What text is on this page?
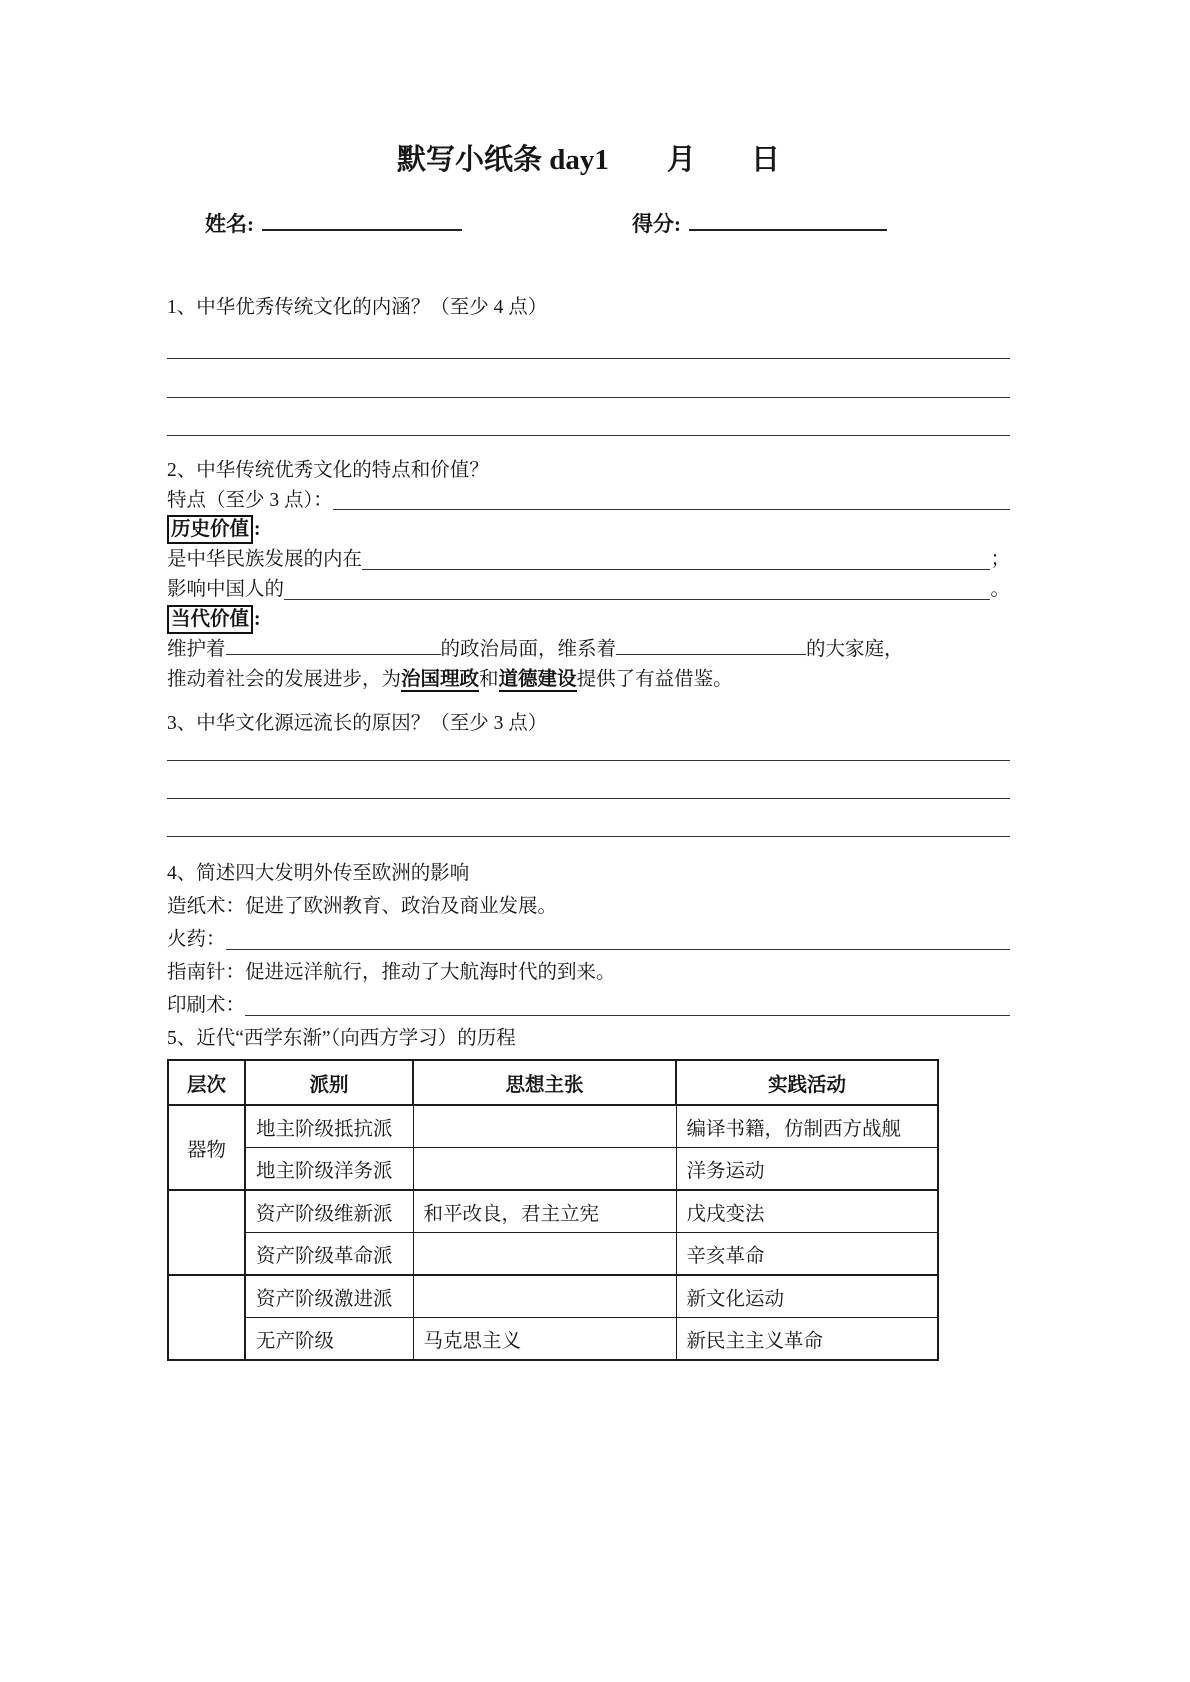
默写小纸条 day1 月 日
姓名:	得分:
1、中华优秀传统文化的内涵？（至少 4 点）
2、中华传统优秀文化的特点和价值？
特点（至少 3 点）：
历史价值 :
是中华民族发展的内在	；
影响中国人的	。
当代价值 :
维护着	的政治局面，维系着	的大家庭，
推动着社会的发展进步，为治国理政和道德建设提供了有益借鉴。
3、中华文化源远流长的原因？（至少 3 点）
4、简述四大发明外传至欧洲的影响
造纸术：促进了欧洲教育、政治及商业发展。
火药：
指南针：促进远洋航行，推动了大航海时代的到来。
印刷术：
5、近代“西学东渐”（向西方学习）的历程
层次	派别	思想主张	实践活动
器物	地主阶级抵抗派		编译书籍，仿制西方战舰
	地主阶级洋务派		洋务运动
	资产阶级维新派	和平改良，君主立宪	戊戌变法
	资产阶级革命派		辛亥革命
	资产阶级激进派		新文化运动
	无产阶级	马克思主义	新民主主义革命
